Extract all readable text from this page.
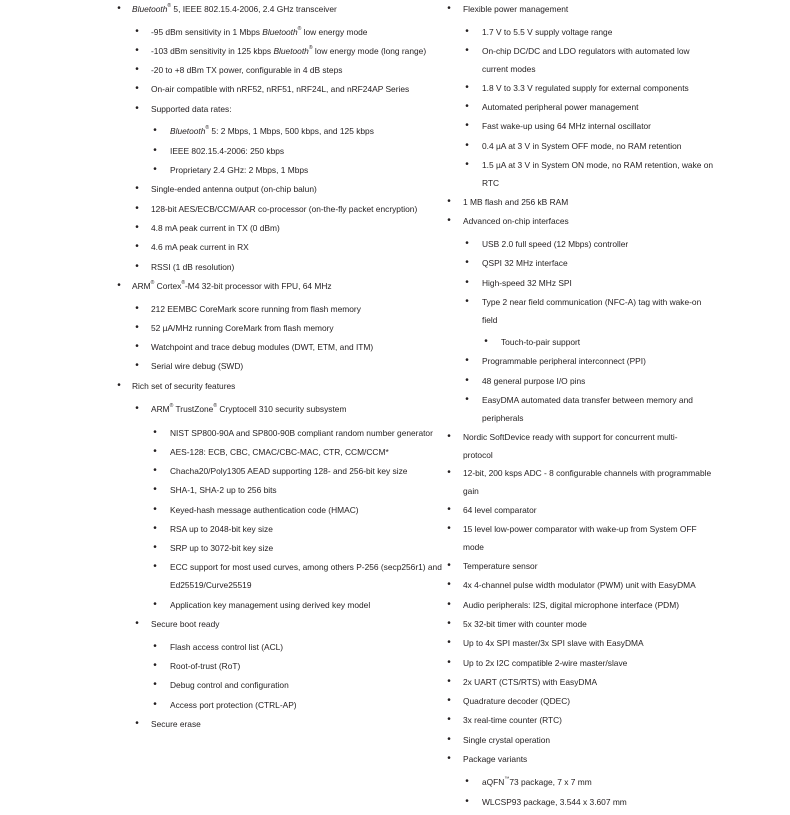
• Bluetooth® 5, IEEE 802.15.4-2006, 2.4 GHz transceiver
• -95 dBm sensitivity in 1 Mbps Bluetooth® low energy mode
• -103 dBm sensitivity in 125 kbps Bluetooth® low energy mode (long range)
• -20 to +8 dBm TX power, configurable in 4 dB steps
• On-air compatible with nRF52, nRF51, nRF24L, and nRF24AP Series
• Supported data rates:
• Bluetooth® 5: 2 Mbps, 1 Mbps, 500 kbps, and 125 kbps
• IEEE 802.15.4-2006: 250 kbps
• Proprietary 2.4 GHz: 2 Mbps, 1 Mbps
• Single-ended antenna output (on-chip balun)
• 128-bit AES/ECB/CCM/AAR co-processor (on-the-fly packet encryption)
• 4.8 mA peak current in TX (0 dBm)
• 4.6 mA peak current in RX
• RSSI (1 dB resolution)
• ARM® Cortex®-M4 32-bit processor with FPU, 64 MHz
• 212 EEMBC CoreMark score running from flash memory
• 52 µA/MHz running CoreMark from flash memory
• Watchpoint and trace debug modules (DWT, ETM, and ITM)
• Serial wire debug (SWD)
• Rich set of security features
• ARM® TrustZone® Cryptocell 310 security subsystem
• NIST SP800-90A and SP800-90B compliant random number generator
• AES-128: ECB, CBC, CMAC/CBC-MAC, CTR, CCM/CCM*
• Chacha20/Poly1305 AEAD supporting 128- and 256-bit key size
• SHA-1, SHA-2 up to 256 bits
• Keyed-hash message authentication code (HMAC)
• RSA up to 2048-bit key size
• SRP up to 3072-bit key size
• ECC support for most used curves, among others P-256 (secp256r1) and
Ed25519/Curve25519
• Application key management using derived key model
• Secure boot ready
• Flash access control list (ACL)
• Root-of-trust (RoT)
• Debug control and configuration
• Access port protection (CTRL-AP)
• Secure erase
• Flexible power management
• 1.7 V to 5.5 V supply voltage range
• On-chip DC/DC and LDO regulators with automated low
current modes
• 1.8 V to 3.3 V regulated supply for external components
• Automated peripheral power management
• Fast wake-up using 64 MHz internal oscillator
• 0.4 µA at 3 V in System OFF mode, no RAM retention
• 1.5 µA at 3 V in System ON mode, no RAM retention, wake on
RTC
• 1 MB flash and 256 kB RAM
• Advanced on-chip interfaces
• USB 2.0 full speed (12 Mbps) controller
• QSPI 32 MHz interface
• High-speed 32 MHz SPI
• Type 2 near field communication (NFC-A) tag with wake-on
field
• Touch-to-pair support
• Programmable peripheral interconnect (PPI)
• 48 general purpose I/O pins
• EasyDMA automated data transfer between memory and
peripherals
• Nordic SoftDevice ready with support for concurrent multi-
protocol
• 12-bit, 200 ksps ADC - 8 configurable channels with programmable
gain
• 64 level comparator
• 15 level low-power comparator with wake-up from System OFF
mode
• Temperature sensor
• 4x 4-channel pulse width modulator (PWM) unit with EasyDMA
• Audio peripherals: I2S, digital microphone interface (PDM)
• 5x 32-bit timer with counter mode
• Up to 4x SPI master/3x SPI slave with EasyDMA
• Up to 2x I2C compatible 2-wire master/slave
• 2x UART (CTS/RTS) with EasyDMA
• Quadrature decoder (QDEC)
• 3x real-time counter (RTC)
• Single crystal operation
• Package variants
• aQFN™73 package, 7 x 7 mm
• WLCSP93 package, 3.544 x 3.607 mm
